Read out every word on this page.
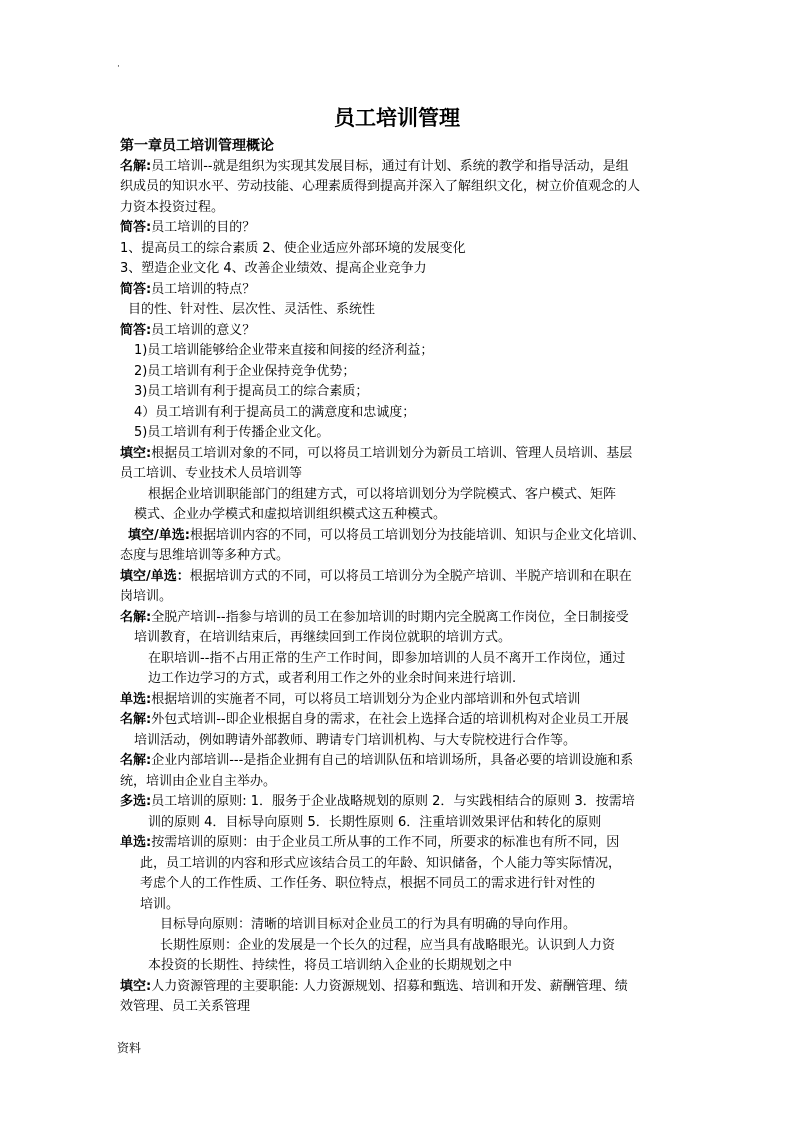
·
员工培训管理
第一章员工培训管理概论
名解:员工培训--就是组织为实现其发展目标，通过有计划、系统的教学和指导活动，是组
织成员的知识水平、劳动技能、心理素质得到提高并深入了解组织文化，树立价值观念的人
力资本投资过程。
简答:员工培训的目的？
1、提高员工的综合素质 2、使企业适应外部环境的发展变化
3、塑造企业文化 4、改善企业绩效、提高企业竞争力
简答:员工培训的特点？
目的性、针对性、层次性、灵活性、系统性
简答:员工培训的意义？
1)员工培训能够给企业带来直接和间接的经济利益；
2)员工培训有利于企业保持竞争优势；
3)员工培训有利于提高员工的综合素质；
4）员工培训有利于提高员工的满意度和忠诚度；
5)员工培训有利于传播企业文化。
填空:根据员工培训对象的不同，可以将员工培训划分为新员工培训、管理人员培训、基层
员工培训、专业技术人员培训等
根据企业培训职能部门的组建方式，可以将培训划分为学院模式、客户模式、矩阵
模式、企业办学模式和虚拟培训组织模式这五种模式。
填空/单选:根据培训内容的不同，可以将员工培训划分为技能培训、知识与企业文化培训、
态度与思维培训等多种方式。
填空/单选：根据培训方式的不同，可以将员工培训分为全脱产培训、半脱产培训和在职在
岗培训。
名解:全脱产培训--指参与培训的员工在参加培训的时期内完全脱离工作岗位，全日制接受
培训教育，在培训结束后，再继续回到工作岗位就职的培训方式。
在职培训--指不占用正常的生产工作时间，即参加培训的人员不离开工作岗位，通过
边工作边学习的方式，或者利用工作之外的业余时间来进行培训.
单选:根据培训的实施者不同，可以将员工培训划分为企业内部培训和外包式培训
名解:外包式培训--即企业根据自身的需求，在社会上选择合适的培训机构对企业员工开展
培训活动，例如聘请外部教师、聘请专门培训机构、与大专院校进行合作等。
名解:企业内部培训---是指企业拥有自己的培训队伍和培训场所，具备必要的培训设施和系
统，培训由企业自主举办。
多选:员工培训的原则: 1．服务于企业战略规划的原则 2．与实践相结合的原则 3．按需培
训的原则 4．目标导向原则 5．长期性原则 6．注重培训效果评估和转化的原则
单选:按需培训的原则：由于企业员工所从事的工作不同，所要求的标准也有所不同，因
此，员工培训的内容和形式应该结合员工的年龄、知识储备，个人能力等实际情况，
考虑个人的工作性质、工作任务、职位特点，根据不同员工的需求进行针对性的
培训。
目标导向原则：清晰的培训目标对企业员工的行为具有明确的导向作用。
长期性原则：企业的发展是一个长久的过程，应当具有战略眼光。认识到人力资
本投资的长期性、持续性，将员工培训纳入企业的长期规划之中
填空:人力资源管理的主要职能: 人力资源规划、招募和甄选、培训和开发、薪酬管理、绩
效管理、员工关系管理
资料
